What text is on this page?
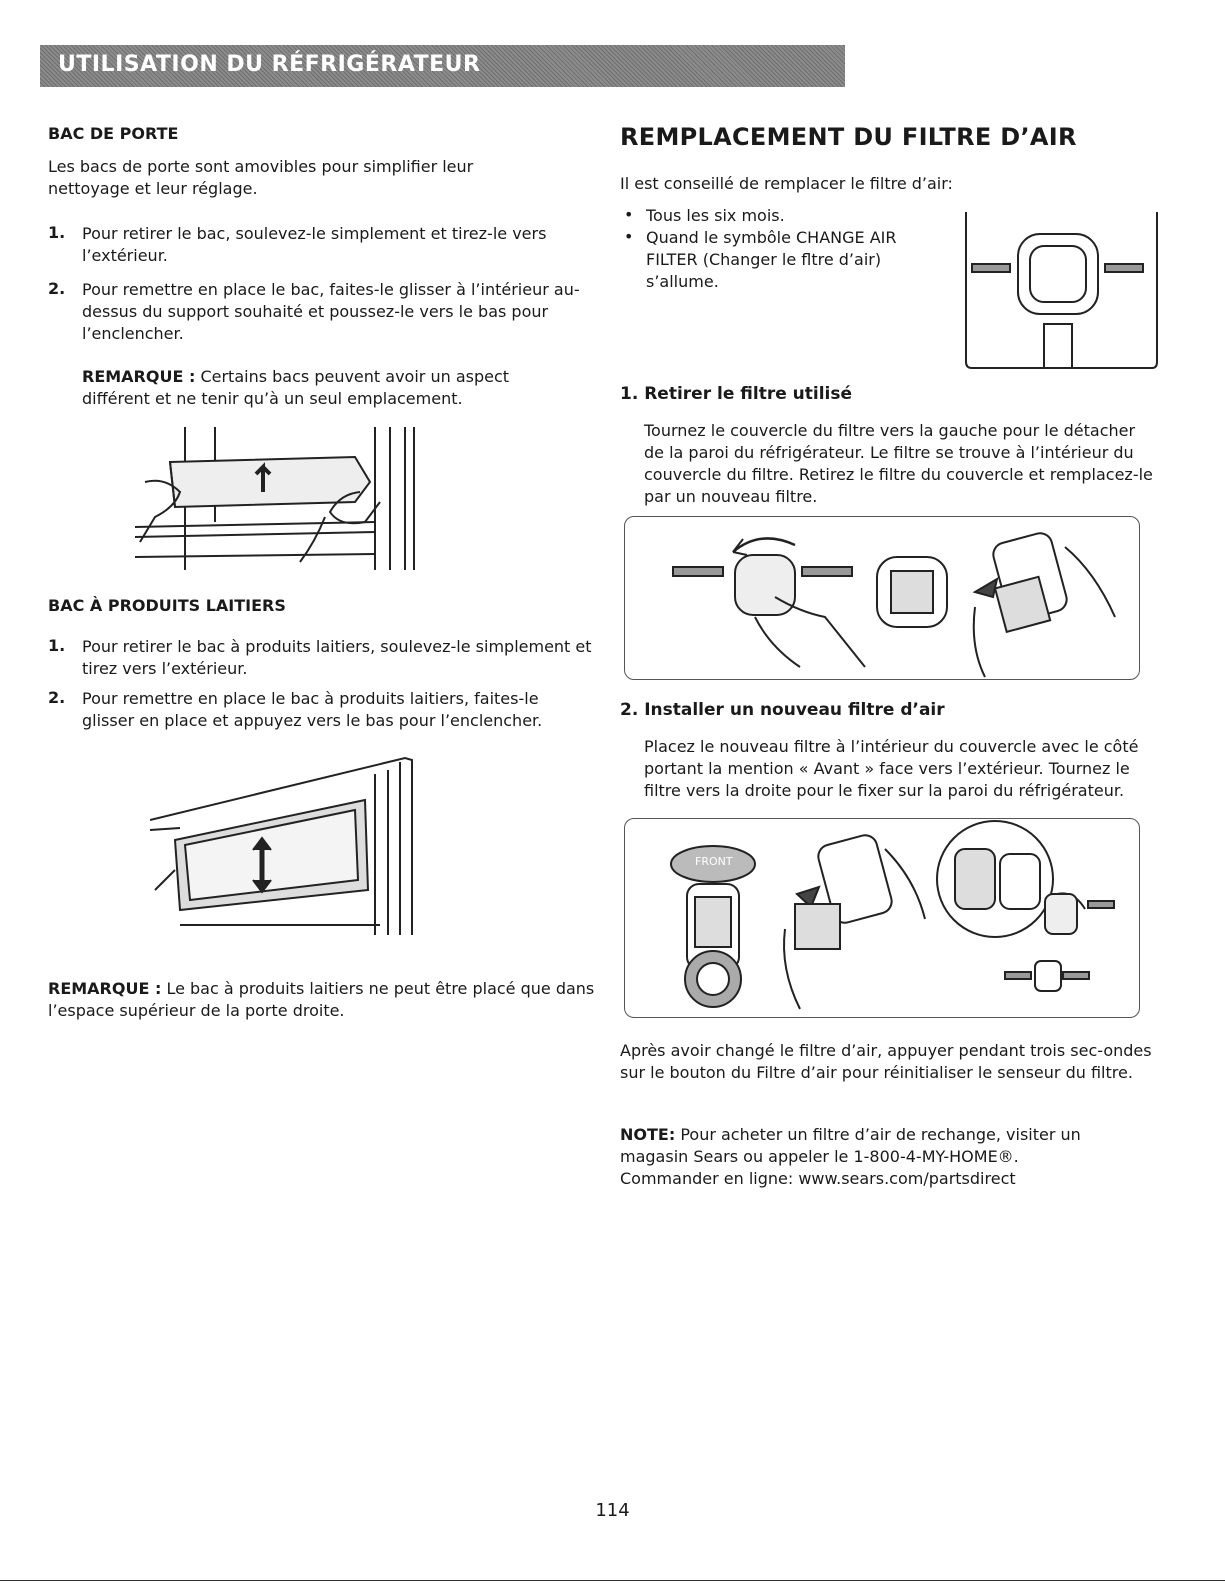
UTILISATION DU RÉFRIGÉRATEUR
BAC DE PORTE

Les bacs de porte sont amovibles pour simplifier leur nettoyage et leur réglage.

1. Pour retirer le bac, soulevez-le simplement et tirez-le vers l’extérieur.

2. Pour remettre en place le bac, faites-le glisser à l’intérieur au-dessus du support souhaité et poussez-le vers le bas pour l’enclencher.

REMARQUE : Certains bacs peuvent avoir un aspect différent et ne tenir qu’à un seul emplacement.

BAC À PRODUITS LAITIERS
1. Pour retirer le bac à produits laitiers, soulevez-le simplement et tirez vers l’extérieur.

2. Pour remettre en place le bac à produits laitiers, faites-le glisser en place et appuyez vers le bas pour l’enclencher.

REMARQUE : Le bac à produits laitiers ne peut être placé que dans l’espace supérieur de la porte droite.

REMPLACEMENT DU FILTRE D’AIR

Il est conseillé de remplacer le filtre d’air:

• Tous les six mois.

• Quand le symbôle CHANGE AIR FILTER (Changer le fltre d’air) s’allume.

1. Retirer le filtre utilisé

Tournez le couvercle du filtre vers la gauche pour le détacher de la paroi du réfrigérateur. Le filtre se trouve à l’intérieur du couvercle du filtre. Retirez le filtre du couvercle et remplacez-le par un nouveau filtre.

2. Installer un nouveau filtre d’air

Placez le nouveau filtre à l’intérieur du couvercle avec le côté portant la mention « Avant » face vers l’extérieur. Tournez le filtre vers la droite pour le fixer sur la paroi du réfrigérateur.

FRONT

Après avoir changé le filtre d’air, appuyer pendant trois sec-ondes sur le bouton du Filtre d’air pour réinitialiser le senseur du filtre.

NOTE: Pour acheter un filtre d’air de rechange, visiter un magasin Sears ou appeler le 1-800-4-MY-HOME®. Commander en ligne: www.sears.com/partsdirect

114
